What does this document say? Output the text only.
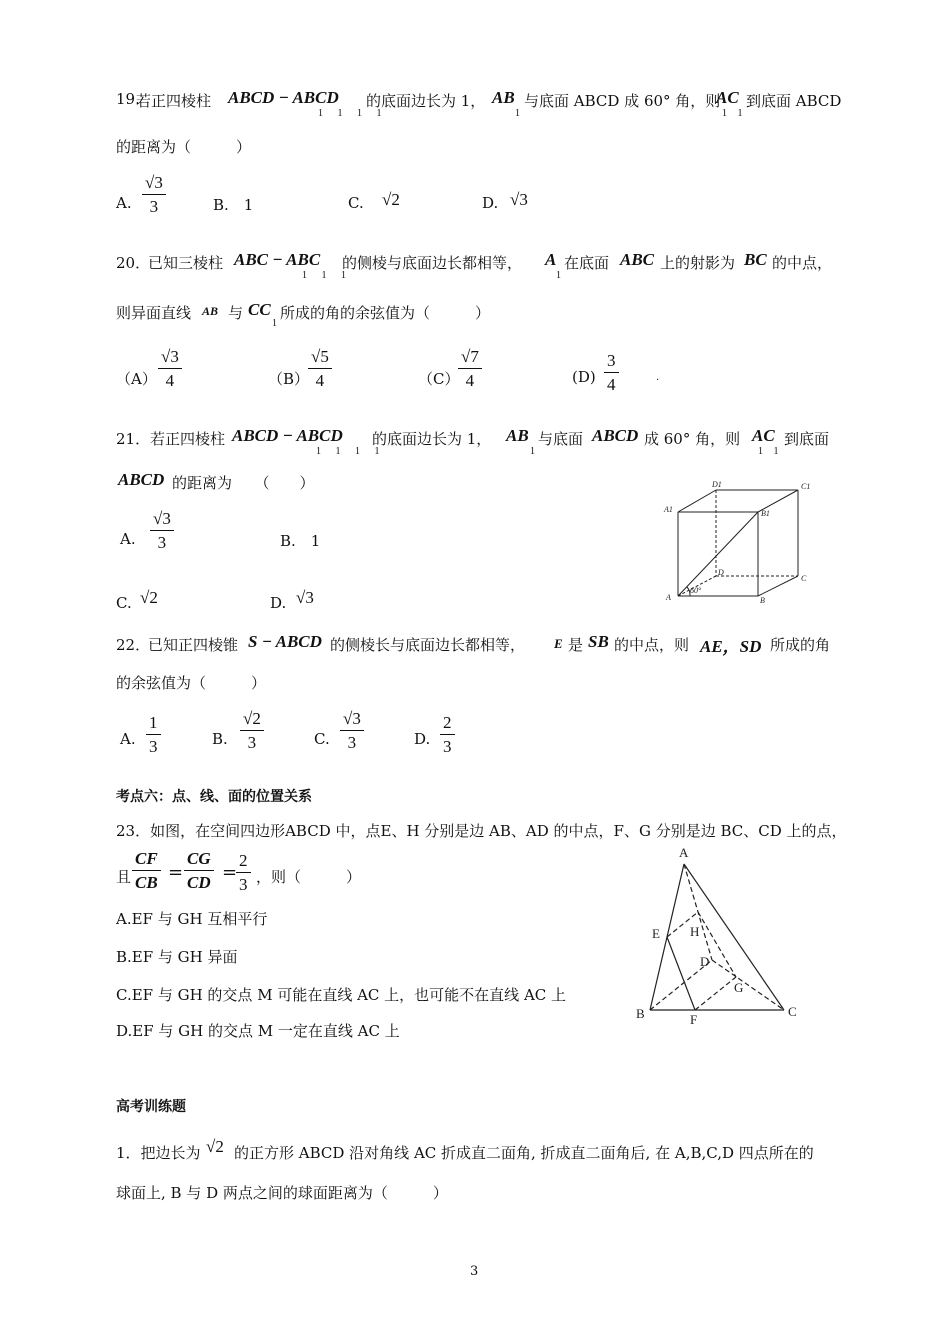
19.
若正四棱柱 ABCD − ABCD
1 1 1 1
的底面边长为 1， AB
1
与底面 ABCD 成 60° 角，则
AC
1 1
到底面 ABCD
的距离为（　　　）
A. $\frac{√3}{3}$	B.　1	C. √2	D. √3
20．
已知三棱柱 ABC − ABC
1 1 1
的侧棱与底面边长都相等， A
1
在底面 ABC 上的射影为 BC 的中点，
则异面直线 AB 与 CC
1
所成的角的余弦值为（　　　）
$(A) \frac{√3}{4}$	（B）
$\frac{√5}{4}$	（C）
$\frac{√7}{4}$	$(D) \frac{3}{4}$	.
21． 若正四棱柱 ABCD − ABCD
1 1 1 1
的底面边长为 1， AB
1
与底面 ABCD 成 60° 角，则 AC
1 1
到底面
ABCD 的距离为　　（　　）
A. $\frac{√3}{3}$	B.　1
C. √2	D. √3
D1	C1
A1	B1
D
C
A	B
60°
22．
已知正四棱锥 S − ABCD 的侧棱长与底面边长都相等， E 是 SB 的中点，则 AE，SD 所成的角
的余弦值为（　　　）
A. $\frac{1}{3}$	B. $\frac{√2}{3}$	C. $\frac{√3}{3}$	D. $\frac{2}{3}$
考点六：点、线、面的位置关系
23．如图，在空间四边形ABCD 中，点E、H 分别是边 AB、AD 的中点，F、G 分别是边 BC、CD 上的点，
且 $\frac{CF}{CB} = \frac{CG}{CD}$ =
$\frac{2}{3}$ ，则（　　　）
A.EF 与 GH 互相平行
B.EF 与 GH 异面
C.EF 与 GH 的交点 M 可能在直线 AC 上，也可能不在直线 AC 上
D.EF 与 GH 的交点 M 一定在直线 AC 上
A
E H
D
G
B	F
C
高考训练题
1．把边长为 √2 的正方形 ABCD 沿对角线 AC 折成直二面角, 折成直二面角后, 在 A,B,C,D 四点所在的
球面上, B 与 D 两点之间的球面距离为（　　　）
3
